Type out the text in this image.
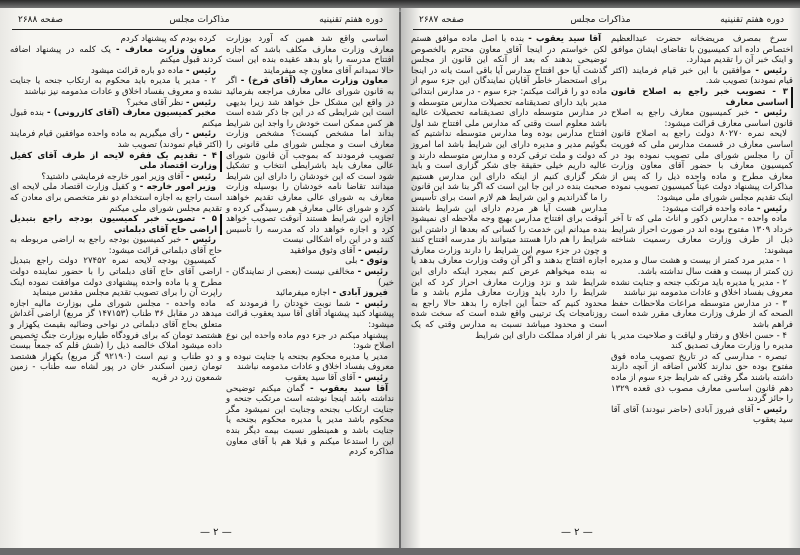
دوره هفتم تقنینیه
مذاکرات مجلس
صفحه ۲۶۸۸

اساسی واقع شد همین که آورد بوزارت معارف وزارت معارف مکلف باشد که اجازه افتتاح مدرسه را باو بدهد عقیده بنده این است حالا نمیدانم آقای معاون چه میفرمایند

معاون وزارت معارف (آقای فرخ) - اگر به قانون شورای عالی معارف مراجعه بفرمائید در واقع این مشکل حل خواهد شد زیرا بدیهی است این شرایطی که در این جا ذکر شده است هر کس ممکن است خودش را واجد این شرایط بداند اما مشخص کیست؟ مشخص وزارت معارف است و مجلس شورای ملی قانونی را تصویب فرمودند که بموجب آن قانون شورای عالی معارف باید باشرایطی انتخاب و تشکیل شود است که این خودشان را دارای این شرایط میدانند تقاضا نامه خودشان را بوسیله وزارت معارف به شورای عالی معارف تقدیم خواهند کرد و شورای عالی معارف هم رسیدگی کرده و اجازه این شرایط هستند آنوقت تصویب خواهد کرد و اجازه خواهد داد که مدرسه را تأسیس کنند و در این راه اشکالی نیست

رئیس - آقای وثوق موافقید

وثوق - بلی

رئیس - مخالفی نیست (بعضی از نمایندگان - خیر)

فیروز آبادی - اجازه میفرمائید

رئیس - شما نوبت خودتان را فرمودند که پیشنهاد کنید پیشنهاد آقای آقا سید یعقوب قرائت میشود:

پیشنهاد میکنم در جزء دوم ماده واحده این نوع اصلاح شود:

مدیر یا مدیره محکوم بجنحه یا جنایت نبوده و معروف بفساد اخلاق و عادات مذمومه نباشند

رئیس - آقای آقا سید یعقوب

آقا سید یعقوب - گمان میکنم توضیحی نداشته باشد اینجا نوشته است مرتکب جنحه و جنایت ارتکاب بجنحه وجنایت این نمیشود مگر محکوم باشد مدیر یا مدیره محکوم بجنحه یا جنایت باشد و همینطور نسبت بیمه دیگر بنده این را استدعا میکنم و قبلا هم با آقای معاون مذاکره کردم

کرده بودم که پیشنهاد کردم

معاون وزارت معارف - یک کلمه در پیشنهاد اضافه کردند قبول میکنم

رئیس - ماده دو باره قرائت میشود

۲ - مدیر یا مدیره باید محکوم به ارتکاب جنحه یا جنایت نشده و معروف بفساد اخلاق و عادات مذمومه نیز نباشند

رئیس - نظر آقای مخبر؟

مخبر کمیسیون معارف (آقای کازرونی) - بنده قبول میکنم

رئیس - رأی میگیریم به ماده واحده موافقین قیام فرمایند (اکثر قیام نمودند) تصویب شد

۴ - تقدیم یک فقره لایحه از طرف آقای کفیل وزارت اقتصاد ملی

رئیس - آقای وزیر امور خارجه فرمایشی داشتید؟

وزیر امور خارجه - و کفیل وزارت اقتصاد ملی لایحه ای است راجع به اجازه استخدام دو نفر متخصص برای معادن که تقدیم مجلس شورای ملی میکنم

۵ - تصویب خبر کمیسیون بودجه راجع بتبدیل اراضی حاج آقای دبلماتی

رئیس - خبر کمیسیون بودجه راجع به اراضی مربوطه به حاج آقای دبلماتی قرائت میشود:

کمیسیون بودجه لایحه نمره ۲۷۴۵۲ دولت راجع بتبدیل اراضی آقای حاج آقای دبلماتی را با حضور نماینده دولت مطرح و با ماده واحده پیشنهادی دولت موافقت نموده اینک راپرت آن را برای تصویب تقدیم مجلس مقدس مینماید

ماده واحده - مجلس شورای ملی بوزارت مالیه اجازه میدهد در مقابل ۳۶ طناب (۱۴۷۱۵۳ گز مربع) اراضی آغداش متعلق بحاج آقای دبلماتی در نواحی وضائیه بقیمت یکهزار و هشتصد تومان که برای فرودگاه طیاره بوزارت جنگ تخصیص داده میشود املاک خالصه ذیل را (شش قلم که جمعاً بیست و دو طناب و نیم است (۹۲۱۹۰ گز مربع) بکهزار هشتصد تومان زمین اسکندر خان در پور لشاه سه طناب - زمین شمعون زرد در قریه

— ۲ —
دوره هفتم تقنینیه
مذاکرات مجلس
صفحه ۲۶۸۷

سرخ بمصرف مریضخانه حضرت عبدالعظیم اختصاص داده اند کمیسیون با تقاضای ایشان موافق و اینک خبر آن را تقدیم میدارد.

رئیس - موافقین با این خبر قیام فرمایند (اکثر قیام نمودند) تصویب شد.

۳ - تصویب خبر راجع به اصلاح قانون اساسی معارف

رئیس - خبر کمیسیون معارف راجع به اصلاح قانون اساسی معارف قرائت میشود:

لایحه نمره ۸۰۲۷۰ دولت راجع به اصلاح قانون اساسی معارف در قسمت مدارس ملی که فوریت آن را مجلس شورای ملی تصویب نموده بود در کمیسیون معارف با حضور آقای معاون وزارت معارف مطرح و ماده واحده ذیل را که پس از مذاکرات پیشنهاد دولت عیناً کمیسیون تصویب نموده اینک تقدیم مجلس شورای ملی میشود:

رئیس - ماده واحده قرائت میشود:

ماده واحده - مدارس ذکور و اناث ملی که تا آخر خرداد ۱۳۰۹ مفتوح بوده اند در صورت احراز شرایط ذیل از طرف وزارت معارف رسمیت شناخته میشوند:

۱ - مدیر مرد کمتر از بیست و هشت سال و مدیره زن کمتر از بیست و هفت سال نداشته باشد.

۲ - مدیر یا مدیره باید مرتکب جنحه و جنایت نشده معروف بفساد اخلاق و عادات مذمومه نیز نباشند

۳ - در مدارس متوسطه مراعات ملاحظات حفظ الصحه که از طرف وزارت معارف مقرر شده است فراهم باشد

۴ - حسن اخلاق و رفتار و لیاقت و صلاحیت مدیر یا مدیره را وزارت معارف تصدیق کند

تبصره - مدارسی که در تاریخ تصویب ماده فوق مفتوح بوده حق ندارند کلاس اضافه از آنچه دارند داشته باشند مگر وقتی که شرایط جزء سوم از ماده دهم قانون اساسی معارف مصوب ذی قعده ۱۳۲۹ را حائز گردند

رئیس - آقای فیروز آبادی (حاضر نبودند) آقای آقا سید یعقوب

آقا سید یعقوب - بنده با اصل ماده موافق هستم لکن خواستم در اینجا آقای معاون محترم بالخصوص توضیحی بدهند که بعد از آنکه این قانون از مجلس گذشت آیا حق افتتاح مدارس آیا باقی است یانه در اینجا برای استحضار خاطر آقایان نمایندگان این جزء سوم از ماده دو را قرائت میکنم: جزء سوم - در مدارس ابتدائی مدیر باید دارای تصدیقنامه تحصیلات مدارس متوسطه و در مدارس متوسطه دارای تصدیقنامه تحصیلات عالیه باشد معلوم است وقتی که مدارس ملی افتتاح شد اول افتتاح مدارس بوده وما مدارس متوسطه نداشتیم که بگوئیم مدیر و مدیره دارای این شرایط باشد اما امروز که دولت و ملت ترقی کرده و مدارس متوسطه دارند و عالیه داریم خیلی حقیقة جای شکر گزاری است و باید شکر گزاری کنیم از اینکه دارای این مدارس هستیم صحبت بنده در این جا این است که اگر بنا شد این قانون را ما گذراندیم و این شرایط هم لازم است برای تأسیس مدارس هست آیا هر مردم دارای این شرایط باشند آنوقت برای افتتاح مدارس بهیچ وجه ملاحظه ای نمیشود بنده میدانم این خدمت را کسانی که بعدها از داشتن این شرایط را هم دارا هستند میتوانند باز مدرسه افتتاح کنند و چون در جزء سوم این شرایط را دارند وزارت معارف اجازه افتتاح بدهند و اگر آن وقت وزارت معارف بدهد یا نه بنده میخواهم عرض کنم بمجرد اینکه دارای این شرایط شد و نزد وزارت معارف احراز کرد که این شرایط را دارد باید وزارت معارف ملزم باشد و ما محدود کنیم که حتماً این اجازه را بدهد حالا راجع به روزنامجات یک ترتیبی واقع شده است که سخت شده است و محدود میباشد نسبت به مدارس وقتی که یک نفر از افراد مملکت دارای این شرایط

— ۲ —
